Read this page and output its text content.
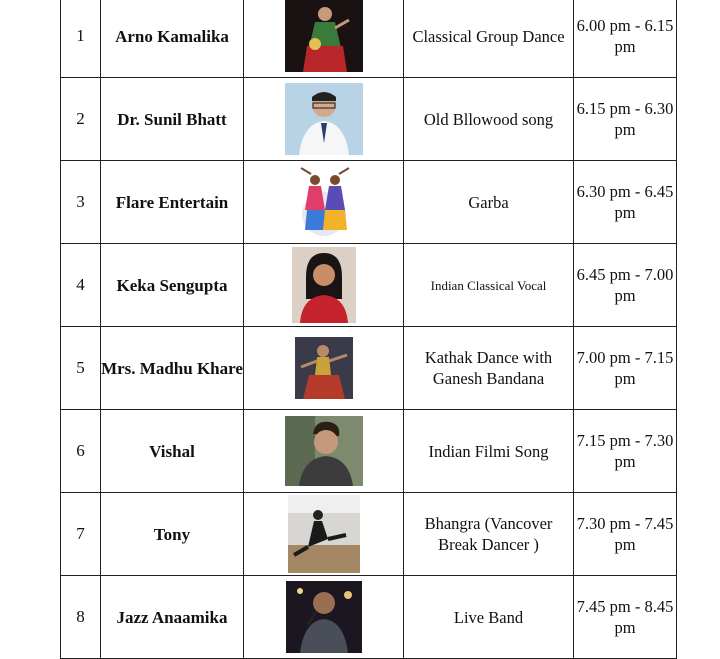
1	Arno Kamalika		Classical Group Dance	6.00 pm - 6.15 pm
2	Dr. Sunil Bhatt		Old Bllowood song	6.15 pm - 6.30 pm
3	Flare Entertain		Garba	6.30 pm - 6.45 pm
4	Keka Sengupta		Indian Classical Vocal	6.45 pm - 7.00 pm
5	Mrs. Madhu Khare		Kathak Dance with Ganesh Bandana	7.00 pm - 7.15 pm
6	Vishal		Indian Filmi Song	7.15 pm - 7.30 pm
7	Tony		Bhangra (Vancover Break Dancer )	7.30 pm - 7.45 pm
8	Jazz Anaamika		Live Band	7.45 pm - 8.45 pm
